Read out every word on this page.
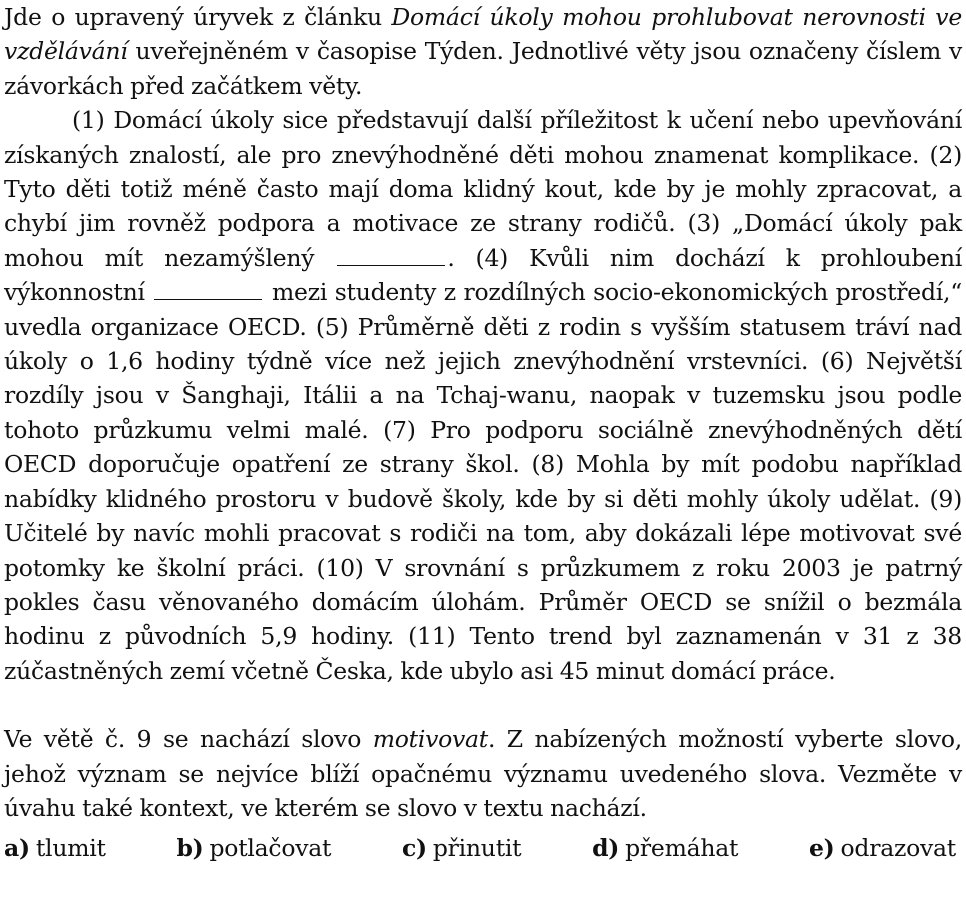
Jde o upravený úryvek z článku Domácí úkoly mohou prohlubovat nerovnosti ve vzdělávání uveřejněném v časopise Týden. Jednotlivé věty jsou označeny číslem v závorkách před začátkem věty.

(1) Domácí úkoly sice představují další příležitost k učení nebo upevňování získaných znalostí, ale pro znevýhodněné děti mohou znamenat komplikace. (2) Tyto děti totiž méně často mají doma klidný kout, kde by je mohly zpracovat, a chybí jim rovněž podpora a motivace ze strany rodičů. (3) „Domácí úkoly pak mohou mít nezamýšlený	. (4) Kvůli nim dochází k prohloubení výkonnostní	mezi studenty z rozdílných socio-ekonomických prostředí,“ uvedla organizace OECD. (5) Průměrně děti z rodin s vyšším statusem tráví nad úkoly o 1,6 hodiny týdně více než jejich znevýhodnění vrstevníci. (6) Největší rozdíly jsou v Šanghaji, Itálii a na Tchaj-wanu, naopak v tuzemsku jsou podle tohoto průzkumu velmi malé. (7) Pro podporu sociálně znevýhodněných dětí OECD doporučuje opatření ze strany škol. (8) Mohla by mít podobu například nabídky klidného prostoru v budově školy, kde by si děti mohly úkoly udělat. (9) Učitelé by navíc mohli pracovat s rodiči na tom, aby dokázali lépe motivovat své potomky ke školní práci. (10) V srovnání s průzkumem z roku 2003 je patrný pokles času věnovaného domácím úlohám. Průměr OECD se snížil o bezmála hodinu z původních 5,9 hodiny. (11) Tento trend byl zaznamenán v 31 z 38 zúčastněných zemí včetně Česka, kde ubylo asi 45 minut domácí práce.

Ve větě č. 9 se nachází slovo motivovat. Z nabízených možností vyberte slovo, jehož význam se nejvíce blíží opačnému významu uvedeného slova. Vezměte v úvahu také kontext, ve kterém se slovo v textu nachází.

a) tlumit	b) potlačovat	c) přinutit	d) přemáhat	e) odrazovat
